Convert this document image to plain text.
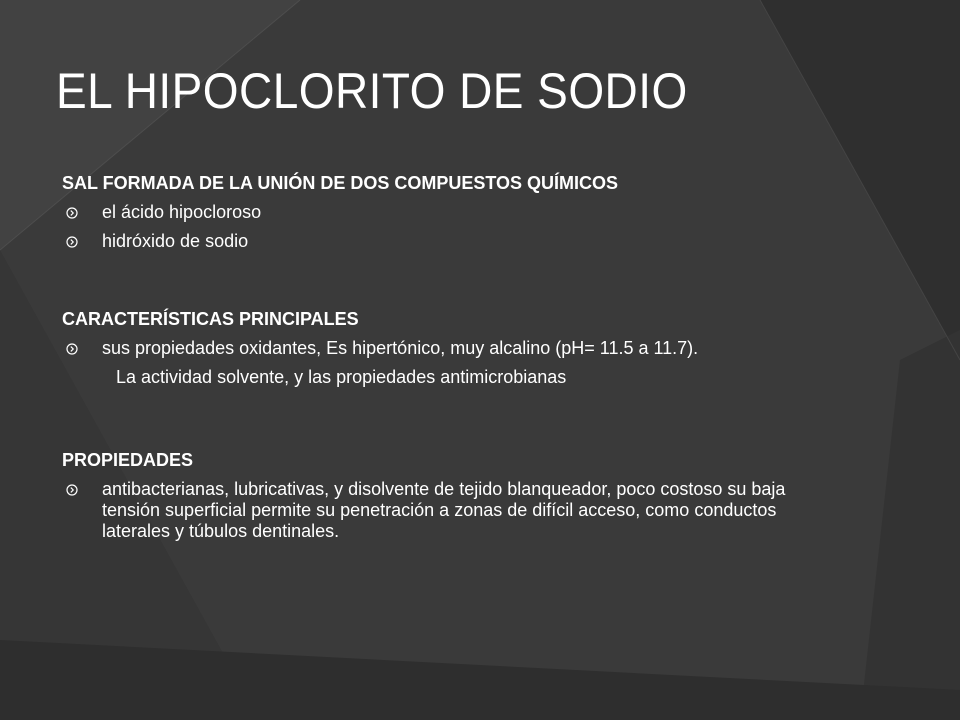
EL HIPOCLORITO DE SODIO

SAL FORMADA DE LA UNIÓN DE DOS COMPUESTOS QUÍMICOS

el ácido hipocloroso
hidróxido de sodio

CARACTERÍSTICAS PRINCIPALES

sus propiedades oxidantes, Es hipertónico, muy alcalino (pH= 11.5 a 11.7).
La actividad solvente, y las propiedades antimicrobianas

PROPIEDADES

antibacterianas, lubricativas, y disolvente de tejido blanqueador, poco costoso su baja tensión superficial permite su penetración a zonas de difícil acceso, como conductos laterales y túbulos dentinales.
